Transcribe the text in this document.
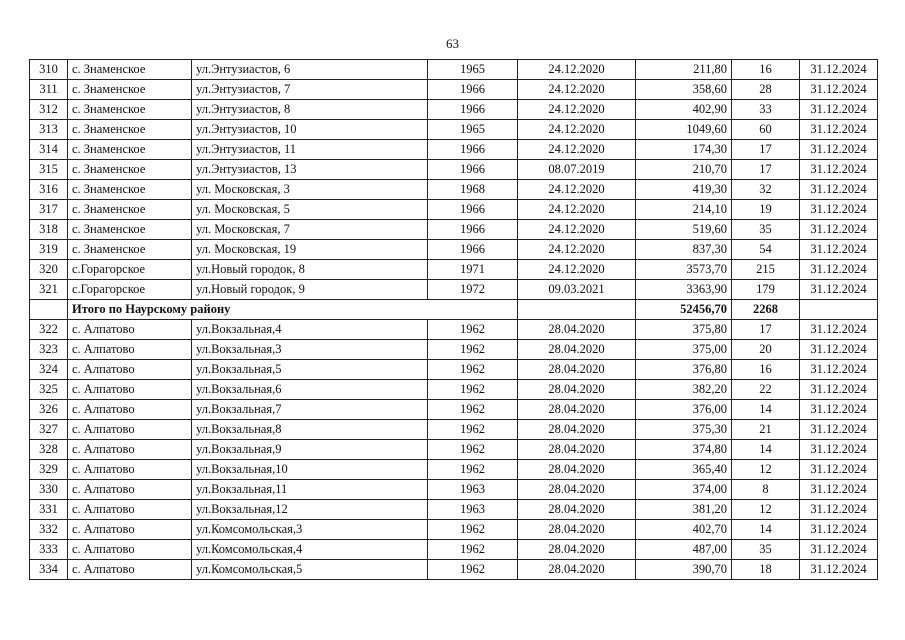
63
310	с. Знаменское	ул.Энтузиастов, 6	1965	24.12.2020	211,80	16	31.12.2024
311	с. Знаменское	ул.Энтузиастов, 7	1966	24.12.2020	358,60	28	31.12.2024
312	с. Знаменское	ул.Энтузиастов, 8	1966	24.12.2020	402,90	33	31.12.2024
313	с. Знаменское	ул.Энтузиастов, 10	1965	24.12.2020	1049,60	60	31.12.2024
314	с. Знаменское	ул.Энтузиастов, 11	1966	24.12.2020	174,30	17	31.12.2024
315	с. Знаменское	ул.Энтузиастов, 13	1966	08.07.2019	210,70	17	31.12.2024
316	с. Знаменское	ул. Московская, 3	1968	24.12.2020	419,30	32	31.12.2024
317	с. Знаменское	ул. Московская, 5	1966	24.12.2020	214,10	19	31.12.2024
318	с. Знаменское	ул. Московская, 7	1966	24.12.2020	519,60	35	31.12.2024
319	с. Знаменское	ул. Московская, 19	1966	24.12.2020	837,30	54	31.12.2024
320	с.Горагорское	ул.Новый городок, 8	1971	24.12.2020	3573,70	215	31.12.2024
321	с.Горагорское	ул.Новый городок, 9	1972	09.03.2021	3363,90	179	31.12.2024
	Итого по Наурскому району				52456,70	2268	
322	с. Алпатово	ул.Вокзальная,4	1962	28.04.2020	375,80	17	31.12.2024
323	с. Алпатово	ул.Вокзальная,3	1962	28.04.2020	375,00	20	31.12.2024
324	с. Алпатово	ул.Вокзальная,5	1962	28.04.2020	376,80	16	31.12.2024
325	с. Алпатово	ул.Вокзальная,6	1962	28.04.2020	382,20	22	31.12.2024
326	с. Алпатово	ул.Вокзальная,7	1962	28.04.2020	376,00	14	31.12.2024
327	с. Алпатово	ул.Вокзальная,8	1962	28.04.2020	375,30	21	31.12.2024
328	с. Алпатово	ул.Вокзальная,9	1962	28.04.2020	374,80	14	31.12.2024
329	с. Алпатово	ул.Вокзальная,10	1962	28.04.2020	365,40	12	31.12.2024
330	с. Алпатово	ул.Вокзальная,11	1963	28.04.2020	374,00	8	31.12.2024
331	с. Алпатово	ул.Вокзальная,12	1963	28.04.2020	381,20	12	31.12.2024
332	с. Алпатово	ул.Комсомольская,3	1962	28.04.2020	402,70	14	31.12.2024
333	с. Алпатово	ул.Комсомольская,4	1962	28.04.2020	487,00	35	31.12.2024
334	с. Алпатово	ул.Комсомольская,5	1962	28.04.2020	390,70	18	31.12.2024
